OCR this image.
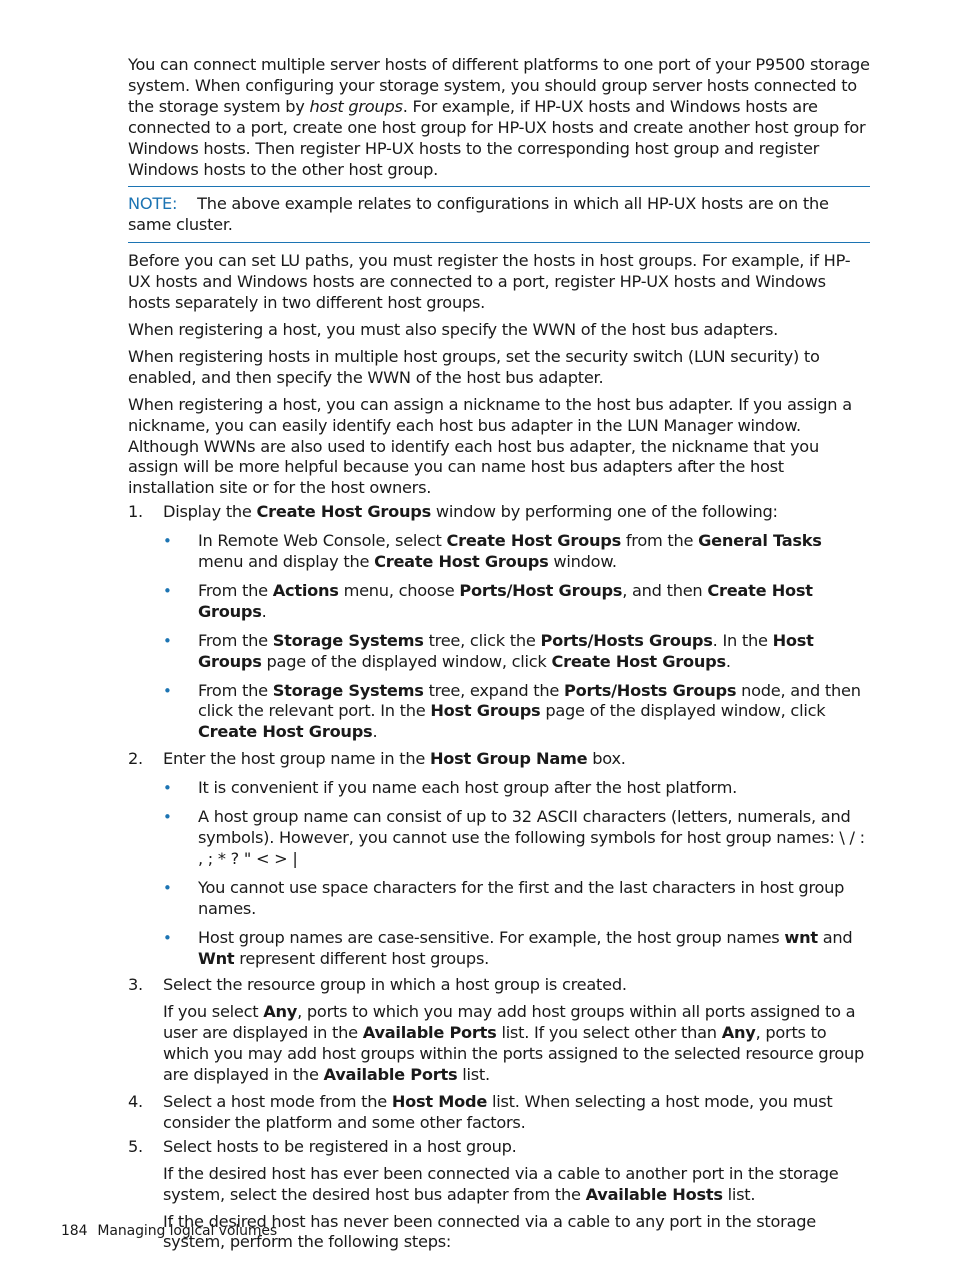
You can connect multiple server hosts of different platforms to one port of your P9500 storage system. When configuring your storage system, you should group server hosts connected to the storage system by host groups. For example, if HP-UX hosts and Windows hosts are connected to a port, create one host group for HP-UX hosts and create another host group for Windows hosts. Then register HP-UX hosts to the corresponding host group and register Windows hosts to the other host group.

NOTE: The above example relates to configurations in which all HP-UX hosts are on the same cluster.

Before you can set LU paths, you must register the hosts in host groups. For example, if HP-UX hosts and Windows hosts are connected to a port, register HP-UX hosts and Windows hosts separately in two different host groups.

When registering a host, you must also specify the WWN of the host bus adapters.

When registering hosts in multiple host groups, set the security switch (LUN security) to enabled, and then specify the WWN of the host bus adapter.

When registering a host, you can assign a nickname to the host bus adapter. If you assign a nickname, you can easily identify each host bus adapter in the LUN Manager window. Although WWNs are also used to identify each host bus adapter, the nickname that you assign will be more helpful because you can name host bus adapters after the host installation site or for the host owners.

1. Display the Create Host Groups window by performing one of the following:

• In Remote Web Console, select Create Host Groups from the General Tasks menu and display the Create Host Groups window.

• From the Actions menu, choose Ports/Host Groups, and then Create Host Groups.

• From the Storage Systems tree, click the Ports/Hosts Groups. In the Host Groups page of the displayed window, click Create Host Groups.

• From the Storage Systems tree, expand the Ports/Hosts Groups node, and then click the relevant port. In the Host Groups page of the displayed window, click Create Host Groups.

2. Enter the host group name in the Host Group Name box.

• It is convenient if you name each host group after the host platform.

• A host group name can consist of up to 32 ASCII characters (letters, numerals, and symbols). However, you cannot use the following symbols for host group names: \ / : , ; * ? " < > |

• You cannot use space characters for the first and the last characters in host group names.

• Host group names are case-sensitive. For example, the host group names wnt and Wnt represent different host groups.

3. Select the resource group in which a host group is created.

If you select Any, ports to which you may add host groups within all ports assigned to a user are displayed in the Available Ports list. If you select other than Any, ports to which you may add host groups within the ports assigned to the selected resource group are displayed in the Available Ports list.

4. Select a host mode from the Host Mode list. When selecting a host mode, you must consider the platform and some other factors.

5. Select hosts to be registered in a host group.

If the desired host has ever been connected via a cable to another port in the storage system, select the desired host bus adapter from the Available Hosts list.

If the desired host has never been connected via a cable to any port in the storage system, perform the following steps:

184 Managing logical volumes
